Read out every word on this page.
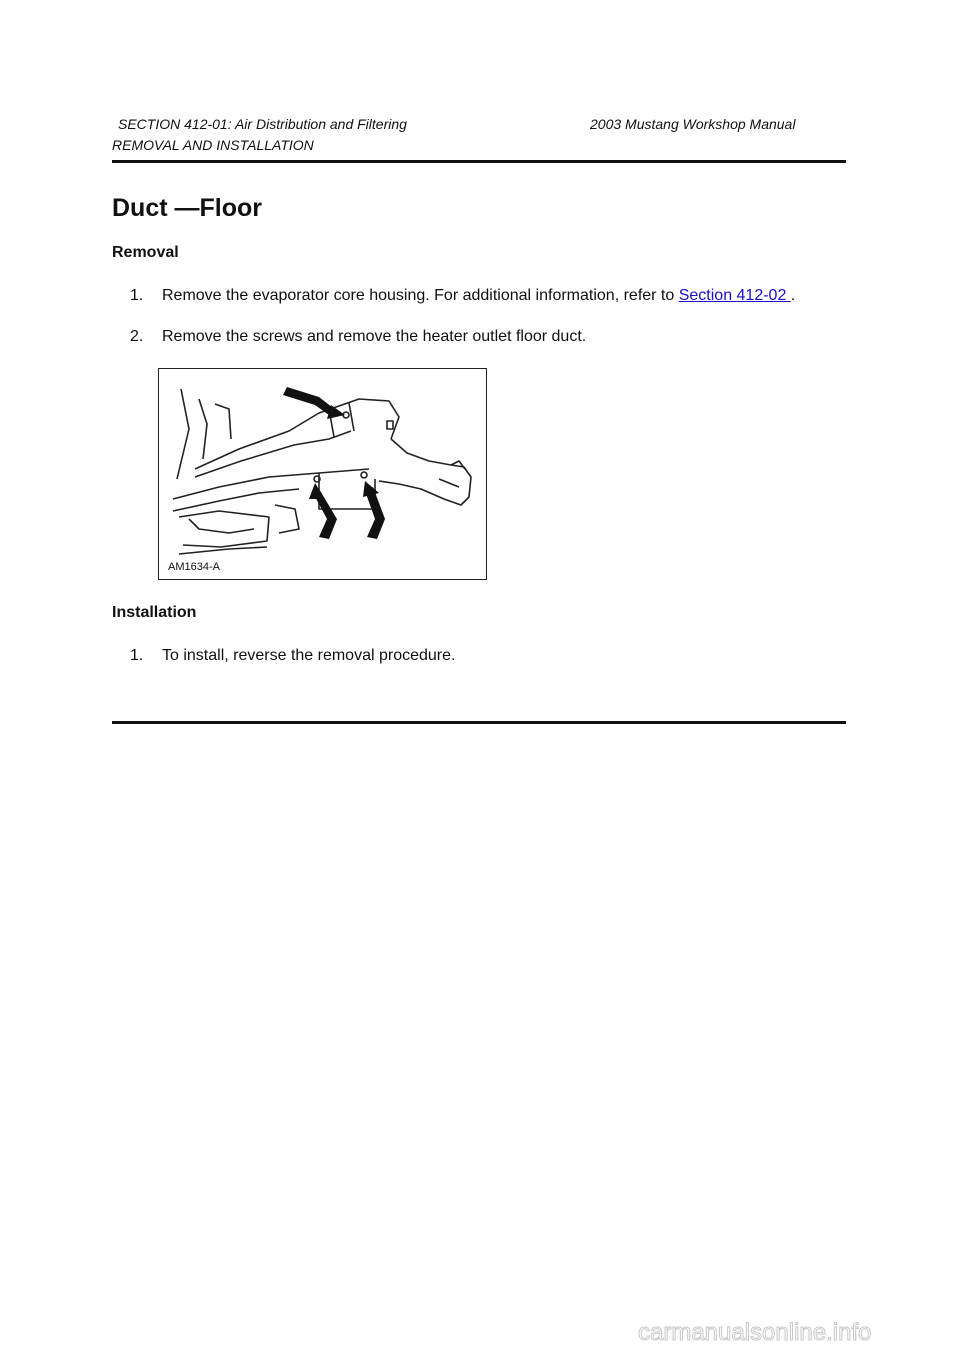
SECTION 412-01: Air Distribution and Filtering	2003 Mustang Workshop Manual
REMOVAL AND INSTALLATION
Duct —Floor
Removal
1. Remove the evaporator core housing. For additional information, refer to Section 412-02 .
2. Remove the screws and remove the heater outlet floor duct.
AM1634-A
Installation
1. To install, reverse the removal procedure.
carmanualsonline.info
